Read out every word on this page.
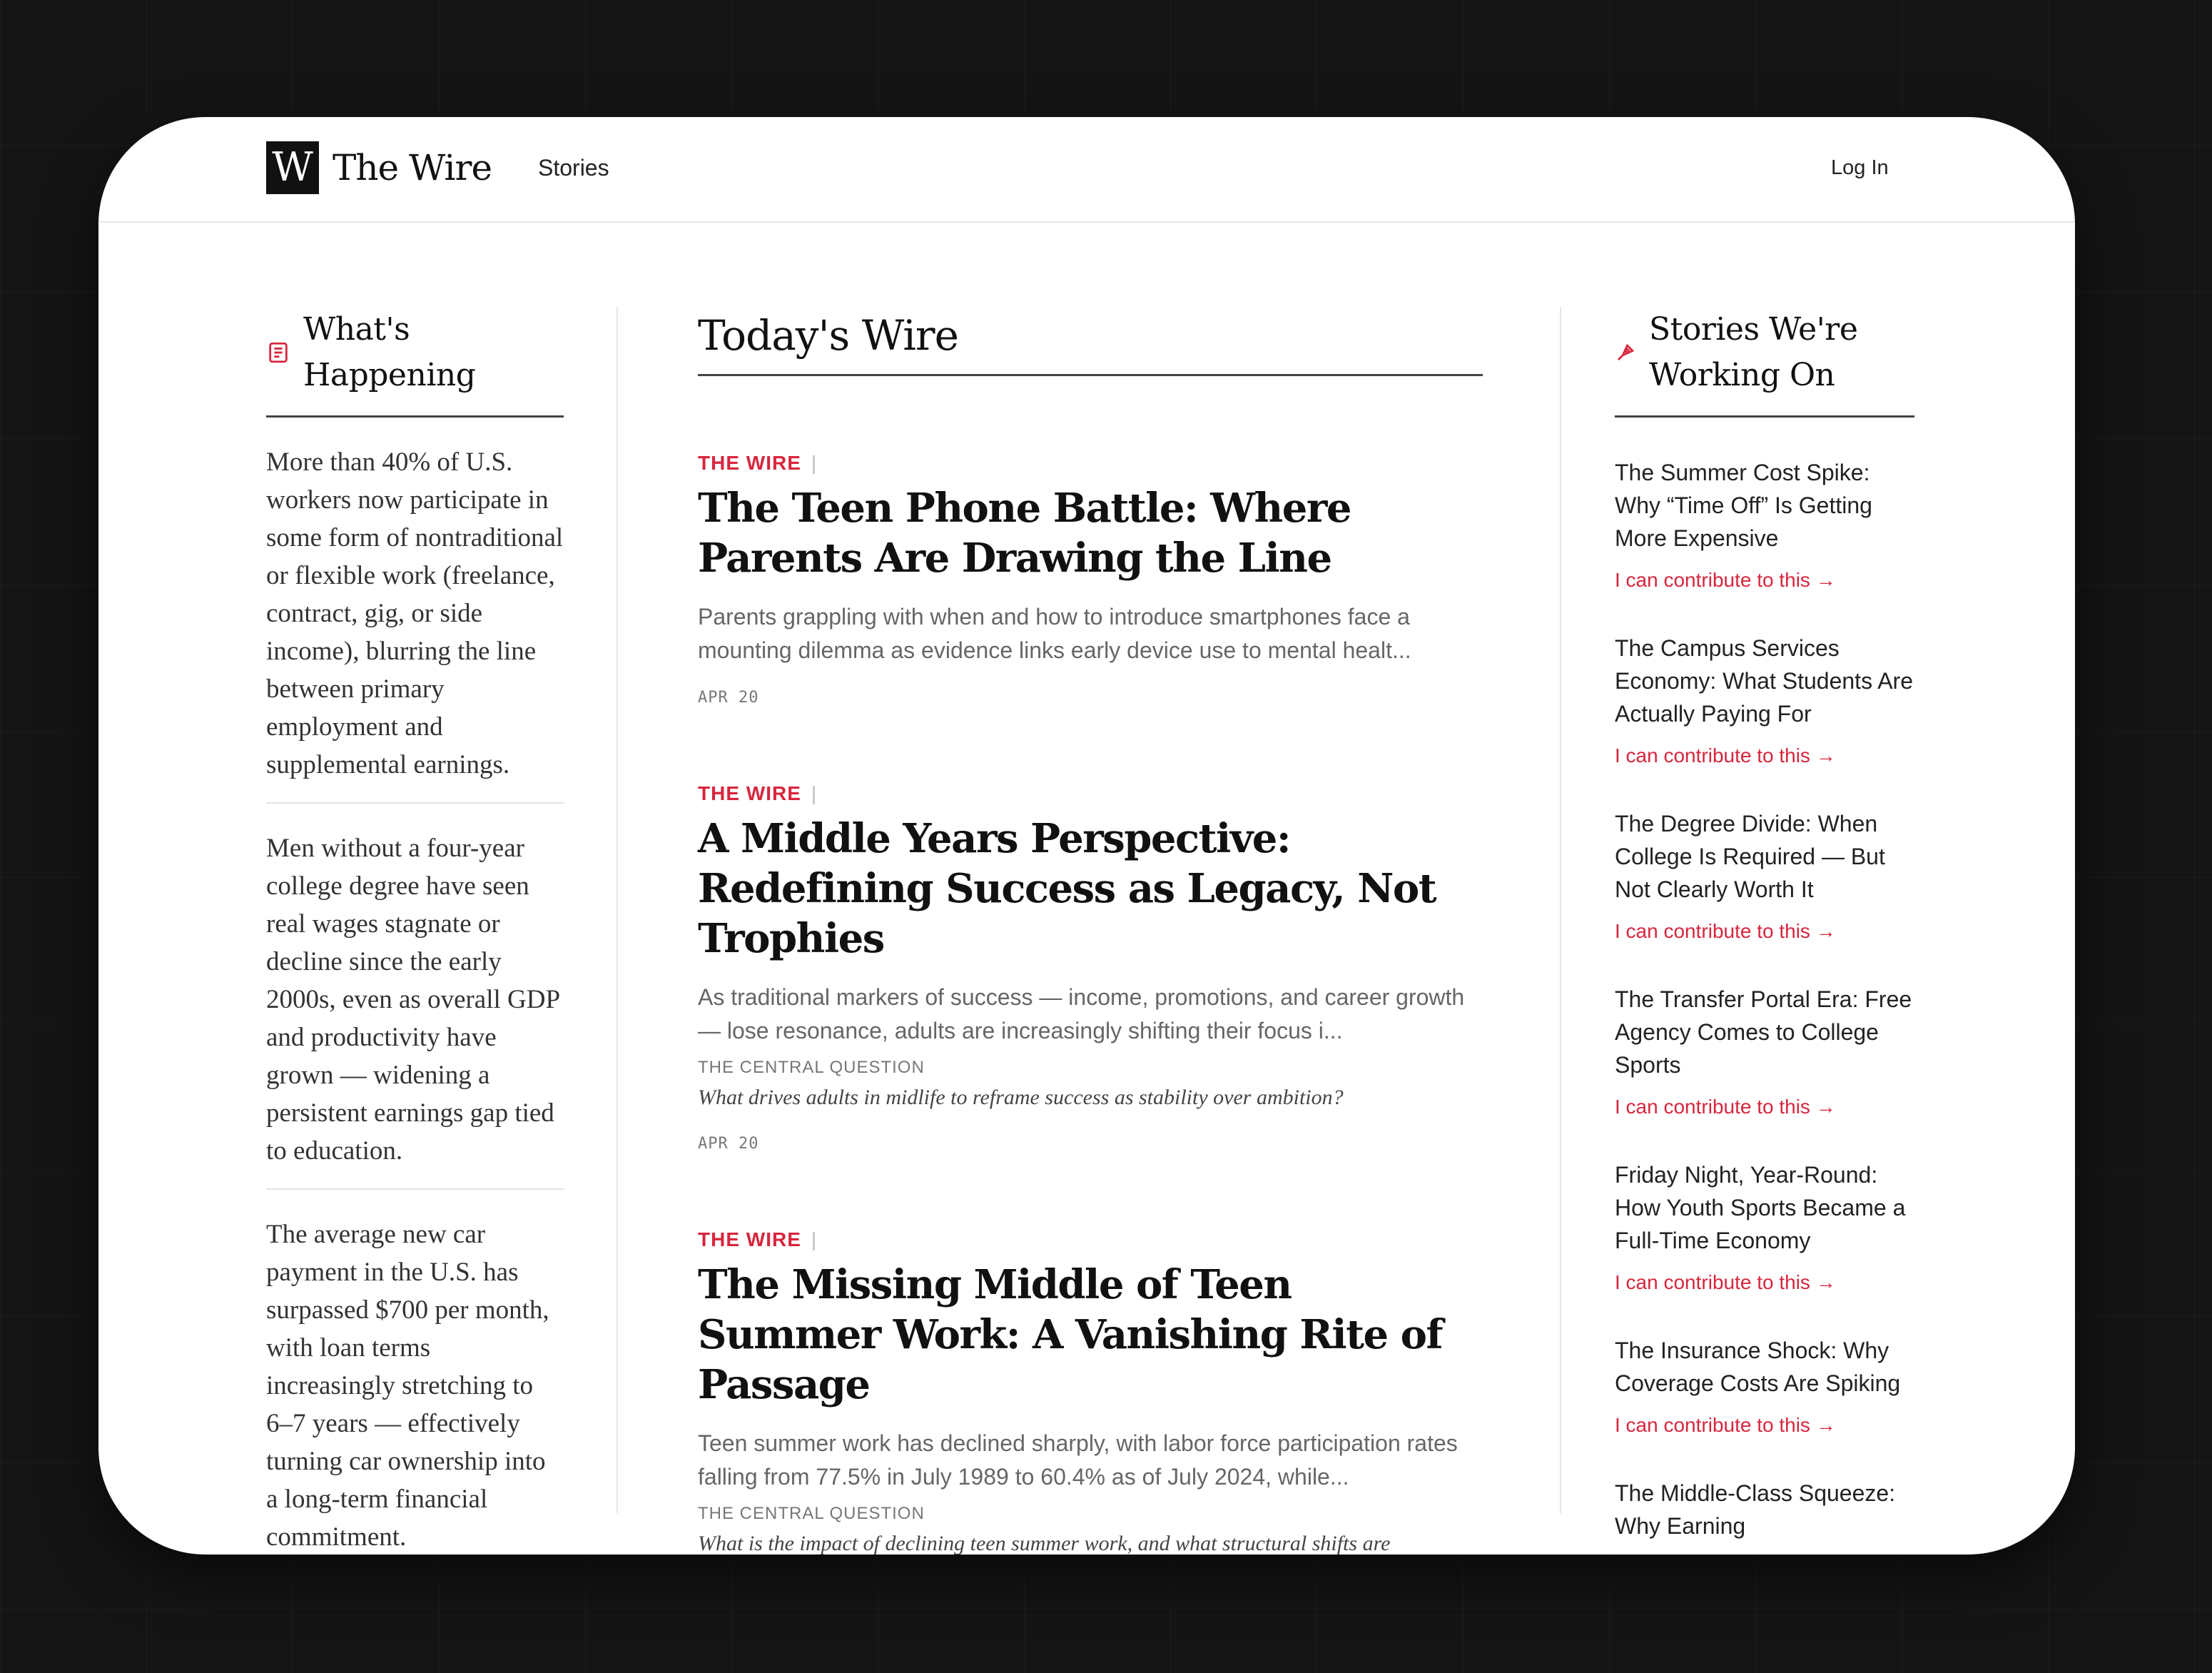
W The Wire Stories	Log In
What's Happening
More than 40% of U.S. workers now participate in some form of nontraditional or flexible work (freelance, contract, gig, or side income), blurring the line between primary employment and supplemental earnings.
Men without a four-year college degree have seen real wages stagnate or decline since the early 2000s, even as overall GDP and productivity have grown — widening a persistent earnings gap tied to education.
The average new car payment in the U.S. has surpassed $700 per month, with loan terms increasingly stretching to 6–7 years — effectively turning car ownership into a long-term financial commitment.
Today's Wire
THE WIRE |
The Teen Phone Battle: Where Parents Are Drawing the Line
Parents grappling with when and how to introduce smartphones face a mounting dilemma as evidence links early device use to mental healt...
APR 20
THE WIRE |
A Middle Years Perspective: Redefining Success as Legacy, Not Trophies
As traditional markers of success — income, promotions, and career growth — lose resonance, adults are increasingly shifting their focus i...
THE CENTRAL QUESTION
What drives adults in midlife to reframe success as stability over ambition?
APR 20
THE WIRE |
The Missing Middle of Teen Summer Work: A Vanishing Rite of Passage
Teen summer work has declined sharply, with labor force participation rates falling from 77.5% in July 1989 to 60.4% as of July 2024, while...
THE CENTRAL QUESTION
What is the impact of declining teen summer work, and what structural shifts are
Stories We're Working On
The Summer Cost Spike: Why “Time Off” Is Getting More Expensive
I can contribute to this →
The Campus Services Economy: What Students Are Actually Paying For
I can contribute to this →
The Degree Divide: When College Is Required — But Not Clearly Worth It
I can contribute to this →
The Transfer Portal Era: Free Agency Comes to College Sports
I can contribute to this →
Friday Night, Year-Round: How Youth Sports Became a Full-Time Economy
I can contribute to this →
The Insurance Shock: Why Coverage Costs Are Spiking
I can contribute to this →
The Middle-Class Squeeze: Why Earning
